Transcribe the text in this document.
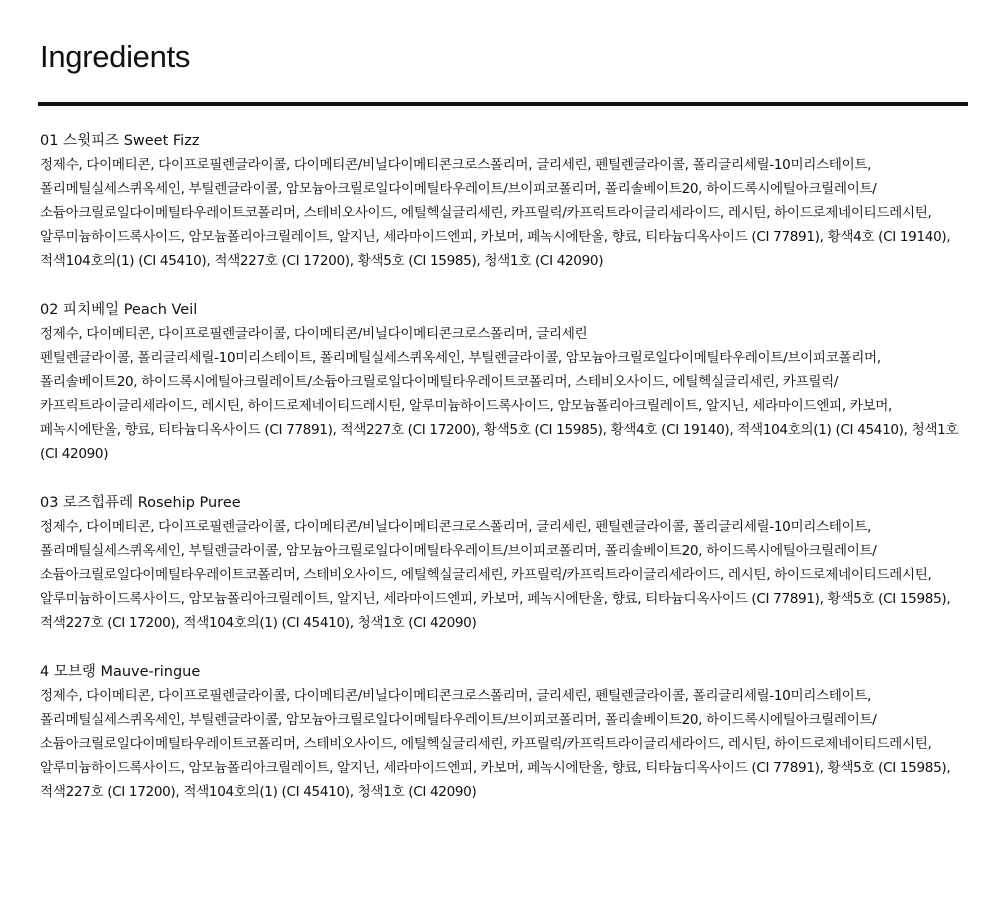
Ingredients
01 스윗피즈 Sweet Fizz
정제수, 다이메티콘, 다이프로필렌글라이콜, 다이메티콘/비닐다이메티콘크로스폴리머, 글리세린, 펜틸렌글라이콜, 폴리글리세릴-10미리스테이트, 폴리메틸실세스퀴옥세인, 부틸렌글라이콜, 암모늄아크릴로일다이메틸타우레이트/브이피코폴리머, 폴리솔베이트20, 하이드록시에틸아크릴레이트/소듐아크릴로일다이메틸타우레이트코폴리머, 스테비오사이드, 에틸헥실글리세린, 카프릴릭/카프릭트라이글리세라이드, 레시틴, 하이드로제네이티드레시틴, 알루미늄하이드록사이드, 암모늄폴리아크릴레이트, 알지닌, 세라마이드엔피, 카보머, 페녹시에탄올, 향료, 티타늄디옥사이드 (CI 77891), 황색4호 (CI 19140), 적색104호의(1) (CI 45410), 적색227호 (CI 17200), 황색5호 (CI 15985), 청색1호 (CI 42090)
02 피치베일 Peach Veil
정제수, 다이메티콘, 다이프로필렌글라이콜, 다이메티콘/비닐다이메티콘크로스폴리머, 글리세린
펜틸렌글라이콜, 폴리글리세릴-10미리스테이트, 폴리메틸실세스퀴옥세인, 부틸렌글라이콜, 암모늄아크릴로일다이메틸타우레이트/브이피코폴리머, 폴리솔베이트20, 하이드록시에틸아크릴레이트/소듐아크릴로일다이메틸타우레이트코폴리머, 스테비오사이드, 에틸헥실글리세린, 카프릴릭/카프릭트라이글리세라이드, 레시틴, 하이드로제네이티드레시틴, 알루미늄하이드록사이드, 암모늄폴리아크릴레이트, 알지닌, 세라마이드엔피, 카보머, 페녹시에탄올, 향료, 티타늄디옥사이드 (CI 77891), 적색227호 (CI 17200), 황색5호 (CI 15985), 황색4호 (CI 19140), 적색104호의(1) (CI 45410), 청색1호 (CI 42090)
03 로즈힙퓨레 Rosehip Puree
정제수, 다이메티콘, 다이프로필렌글라이콜, 다이메티콘/비닐다이메티콘크로스폴리머, 글리세린, 펜틸렌글라이콜, 폴리글리세릴-10미리스테이트, 폴리메틸실세스퀴옥세인, 부틸렌글라이콜, 암모늄아크릴로일다이메틸타우레이트/브이피코폴리머, 폴리솔베이트20, 하이드록시에틸아크릴레이트/소듐아크릴로일다이메틸타우레이트코폴리머, 스테비오사이드, 에틸헥실글리세린, 카프릴릭/카프릭트라이글리세라이드, 레시틴, 하이드로제네이티드레시틴, 알루미늄하이드록사이드, 암모늄폴리아크릴레이트, 알지닌, 세라마이드엔피, 카보머, 페녹시에탄올, 향료, 티타늄디옥사이드 (CI 77891), 황색5호 (CI 15985), 적색227호 (CI 17200), 적색104호의(1) (CI 45410), 청색1호 (CI 42090)
4 모브랭 Mauve-ringue
정제수, 다이메티콘, 다이프로필렌글라이콜, 다이메티콘/비닐다이메티콘크로스폴리머, 글리세린, 펜틸렌글라이콜, 폴리글리세릴-10미리스테이트, 폴리메틸실세스퀴옥세인, 부틸렌글라이콜, 암모늄아크릴로일다이메틸타우레이트/브이피코폴리머, 폴리솔베이트20, 하이드록시에틸아크릴레이트/소듐아크릴로일다이메틸타우레이트코폴리머, 스테비오사이드, 에틸헥실글리세린, 카프릴릭/카프릭트라이글리세라이드, 레시틴, 하이드로제네이티드레시틴, 알루미늄하이드록사이드, 암모늄폴리아크릴레이트, 알지닌, 세라마이드엔피, 카보머, 페녹시에탄올, 향료, 티타늄디옥사이드 (CI 77891), 황색5호 (CI 15985), 적색227호 (CI 17200), 적색104호의(1) (CI 45410), 청색1호 (CI 42090)
